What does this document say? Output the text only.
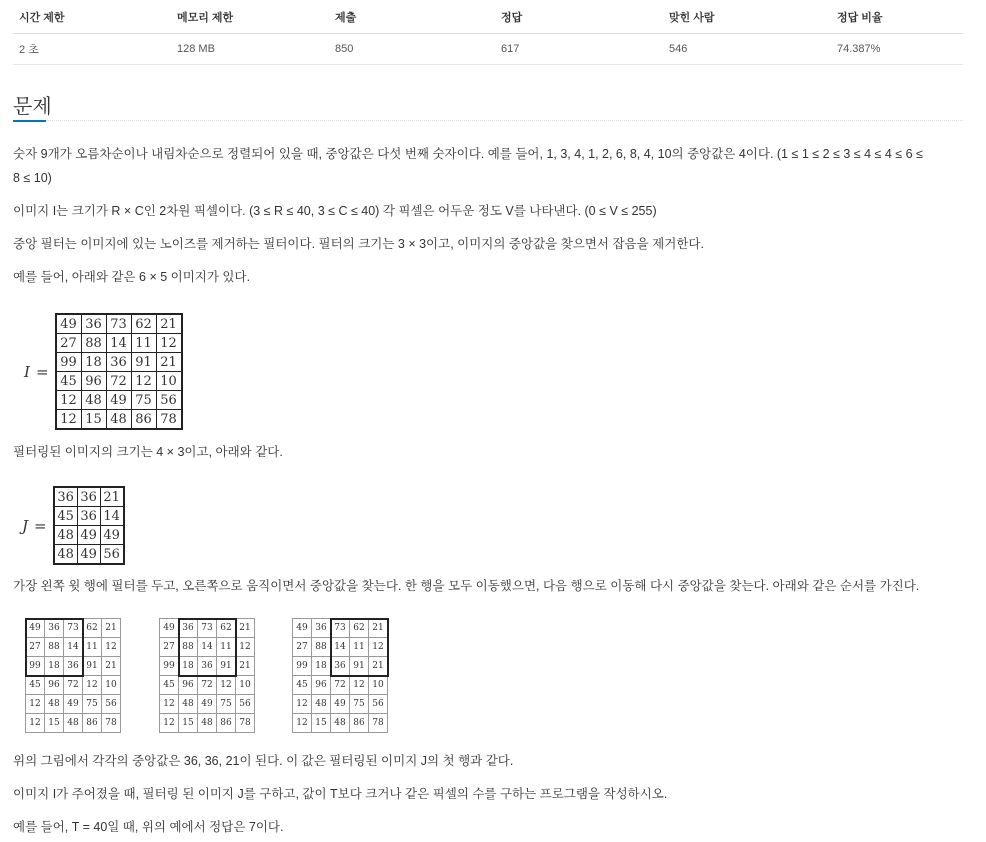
시간 제한	메모리 제한	제출	정답	맞힌 사람	정답 비율
2 초	128 MB	850	617	546	74.387%
문제

숫자 9개가 오름차순이나 내림차순으로 정렬되어 있을 때, 중앙값은 다섯 번째 숫자이다. 예를 들어, 1, 3, 4, 1, 2, 6, 8, 4, 10의 중앙값은 4이다. (1 ≤ 1 ≤ 2 ≤ 3 ≤ 4 ≤ 4 ≤ 6 ≤

8 ≤ 10)

이미지 I는 크기가 R × C인 2차원 픽셀이다. (3 ≤ R ≤ 40, 3 ≤ C ≤ 40) 각 픽셀은 어두운 정도 V를 나타낸다. (0 ≤ V ≤ 255)

중앙 필터는 이미지에 있는 노이즈를 제거하는 필터이다. 필터의 크기는 3 × 3이고, 이미지의 중앙값을 찾으면서 잡음을 제거한다.

예를 들어, 아래와 같은 6 × 5 이미지가 있다.

I =
49	36	73	62	21
27	88	14	11	12
99	18	36	91	21
45	96	72	12	10
12	48	49	75	56
12	15	48	86	78

필터링된 이미지의 크기는 4 × 3이고, 아래와 같다.

J =
36	36	21
45	36	14
48	49	49
48	49	56

가장 왼쪽 윗 행에 필터를 두고, 오른쪽으로 움직이면서 중앙값을 찾는다. 한 행을 모두 이동했으면, 다음 행으로 이동해 다시 중앙값을 찾는다. 아래와 같은 순서를 가진다.

49	36	73	62	21
27	88	14	11	12
99	18	36	91	21
45	96	72	12	10
12	48	49	75	56
12	15	48	86	78
49	36	73	62	21
27	88	14	11	12
99	18	36	91	21
45	96	72	12	10
12	48	49	75	56
12	15	48	86	78
49	36	73	62	21
27	88	14	11	12
99	18	36	91	21
45	96	72	12	10
12	48	49	75	56
12	15	48	86	78

위의 그림에서 각각의 중앙값은 36, 36, 21이 된다. 이 값은 필터링된 이미지 J의 첫 행과 같다.

이미지 I가 주어졌을 때, 필터링 된 이미지 J를 구하고, 값이 T보다 크거나 같은 픽셀의 수를 구하는 프로그램을 작성하시오.

예를 들어, T = 40일 때, 위의 예에서 정답은 7이다.
